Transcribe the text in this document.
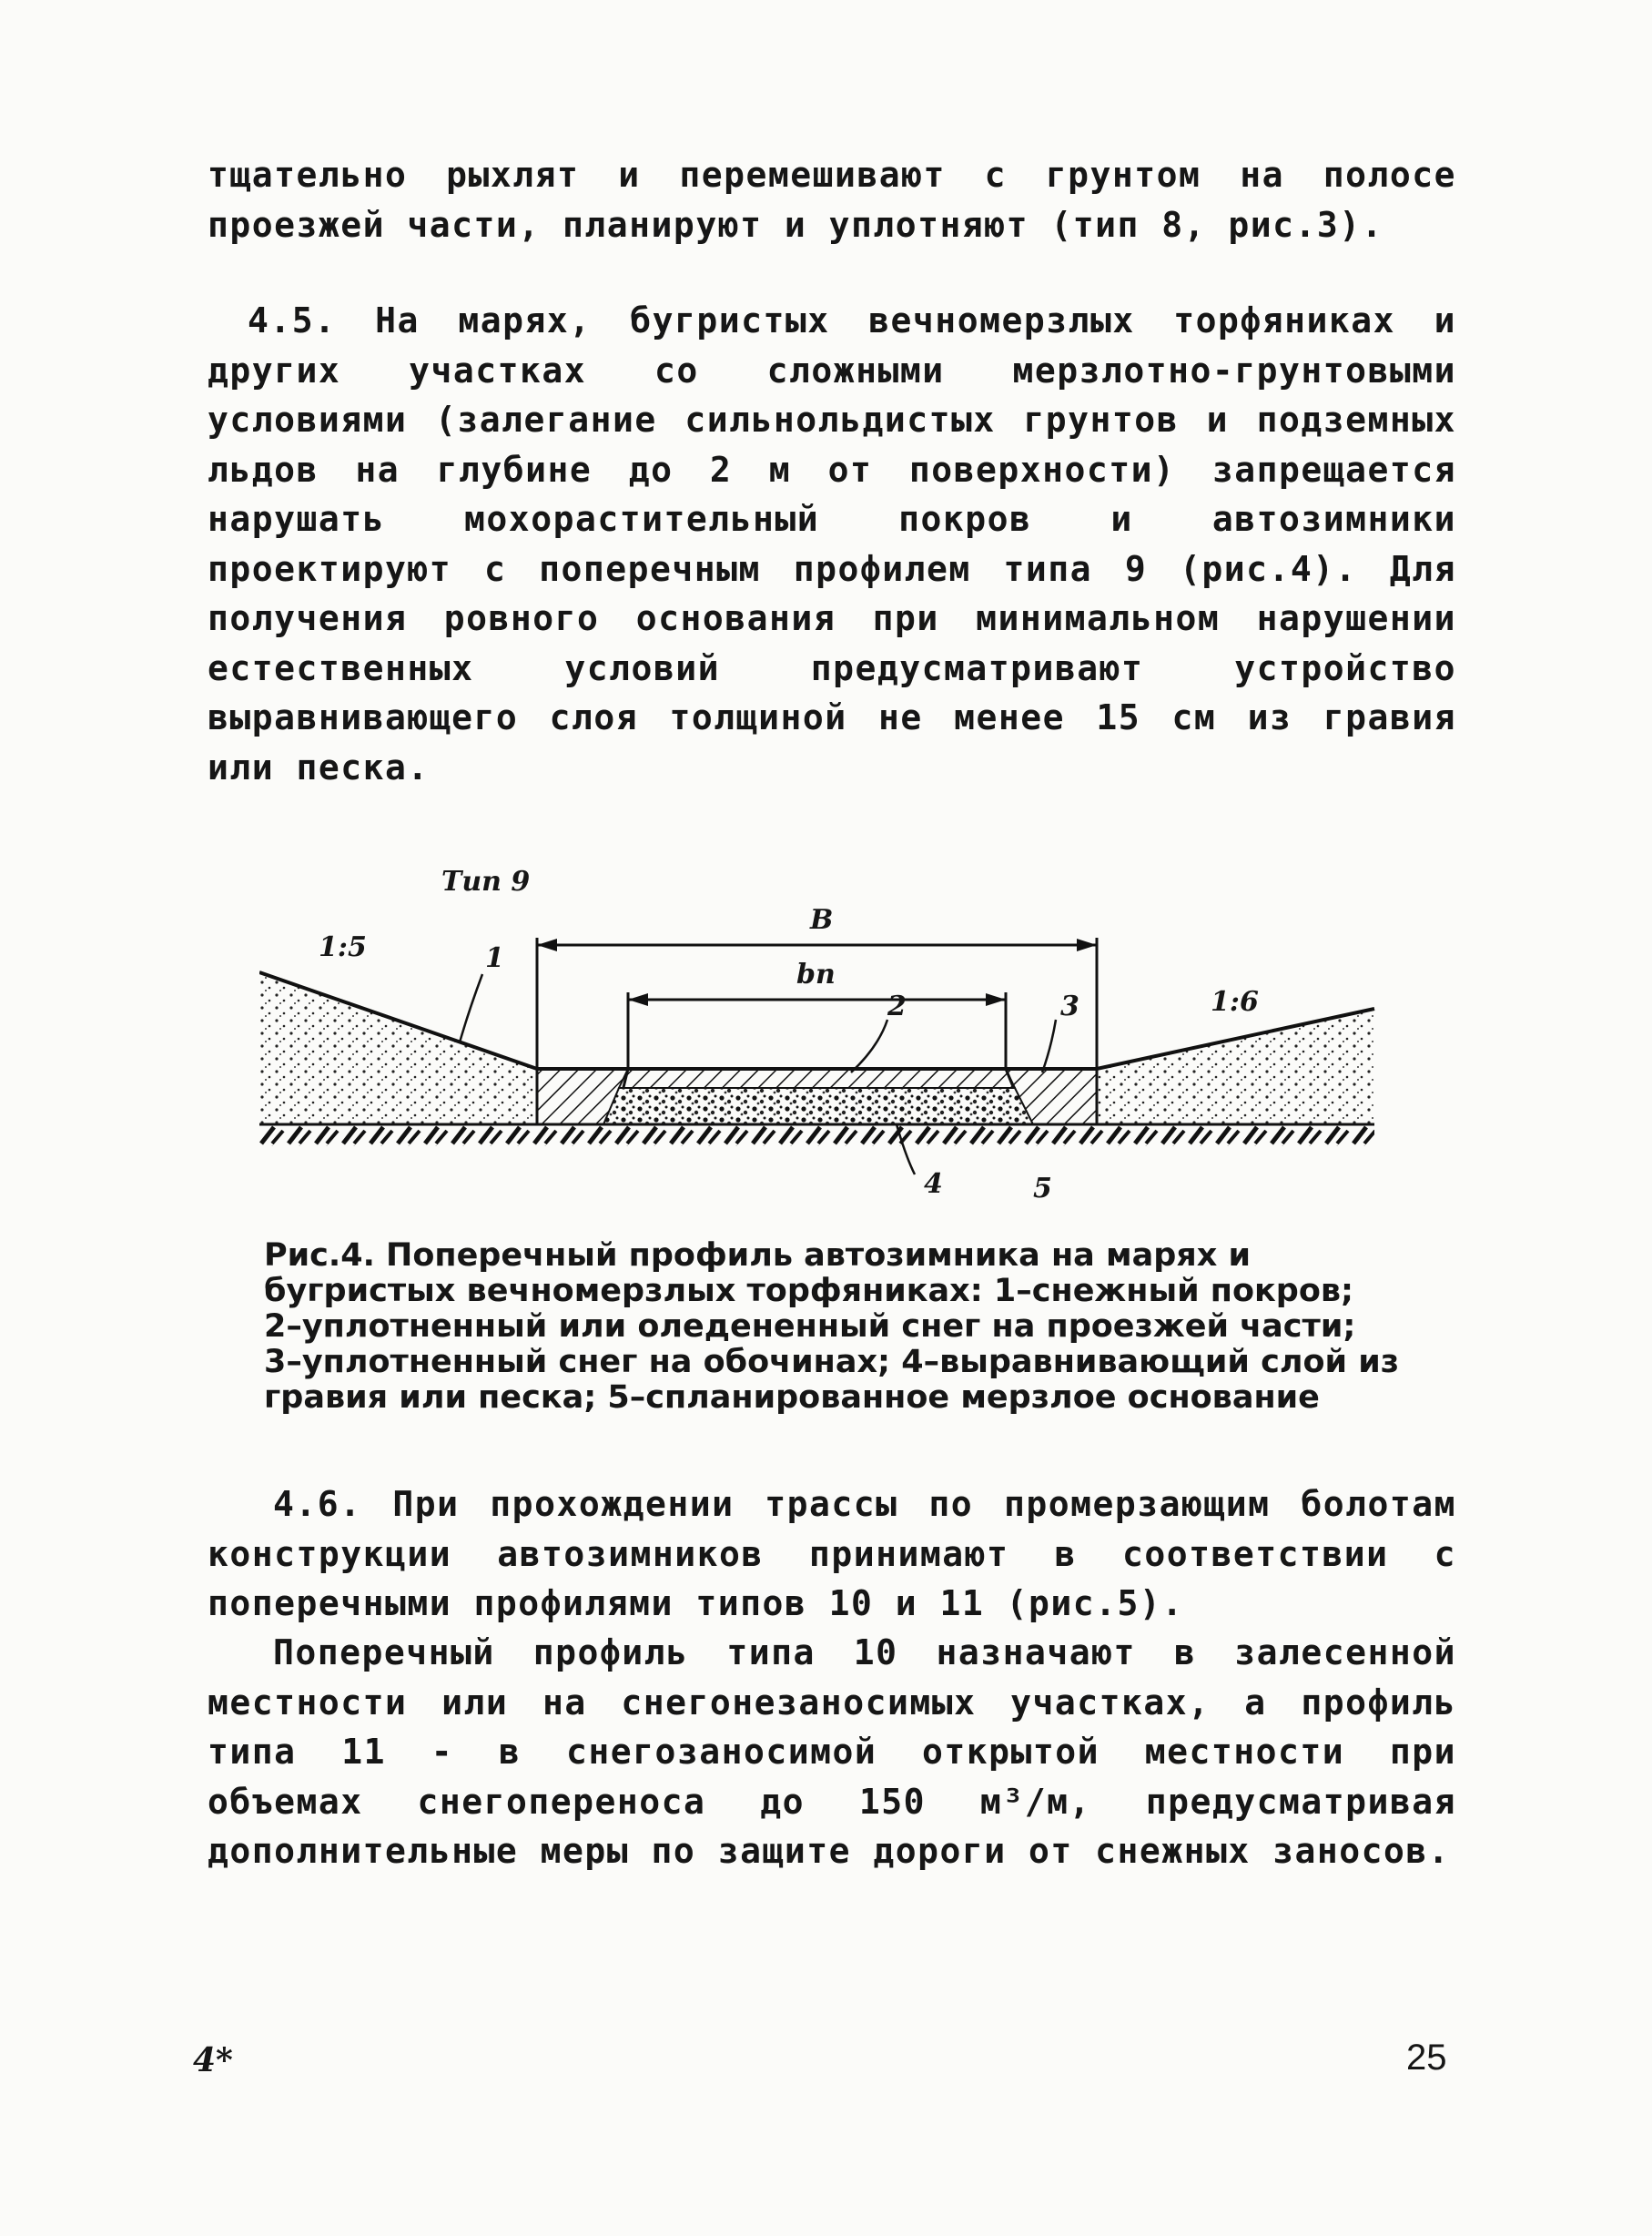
тщательно рыхлят и перемешивают с грунтом на полосе проезжей части, планируют и уплотняют (тип 8, рис.3).

4.5. На марях, бугристых вечномерзлых торфяниках и других участках со сложными мерзлотно-грунтовыми условиями (залегание сильнольдистых грунтов и подземных льдов на глубине до 2 м от поверхности) запрещается нарушать мохорастительный покров и автозимники проектируют с поперечным профилем типа 9 (рис.4). Для получения ровного основания при минимальном нарушении естественных условий предусматривают устройство выравнивающего слоя толщиной не менее 15 см из гравия или песка.

Тип 9
В
bп
1:5
1:6
1
2	3
4	5

Рис.4. Поперечный профиль автозимника на марях и бугристых вечномерзлых торфяниках: 1–снежный покров; 2–уплотненный или оледененный снег на проезжей части; 3–уплотненный снег на обочинах; 4–выравнивающий слой из гравия или песка; 5–спланированное мерзлое основание

4.6. При прохождении трассы по промерзающим болотам конструкции автозимников принимают в соответствии с поперечными профилями типов 10 и 11 (рис.5).

Поперечный профиль типа 10 назначают в залесенной местности или на снегонезаносимых участках, а профиль типа 11 - в снегозаносимой открытой местности при объемах снегопереноса до 150 м³/м, предусматривая дополнительные меры по защите дороги от снежных заносов.

4*	25
